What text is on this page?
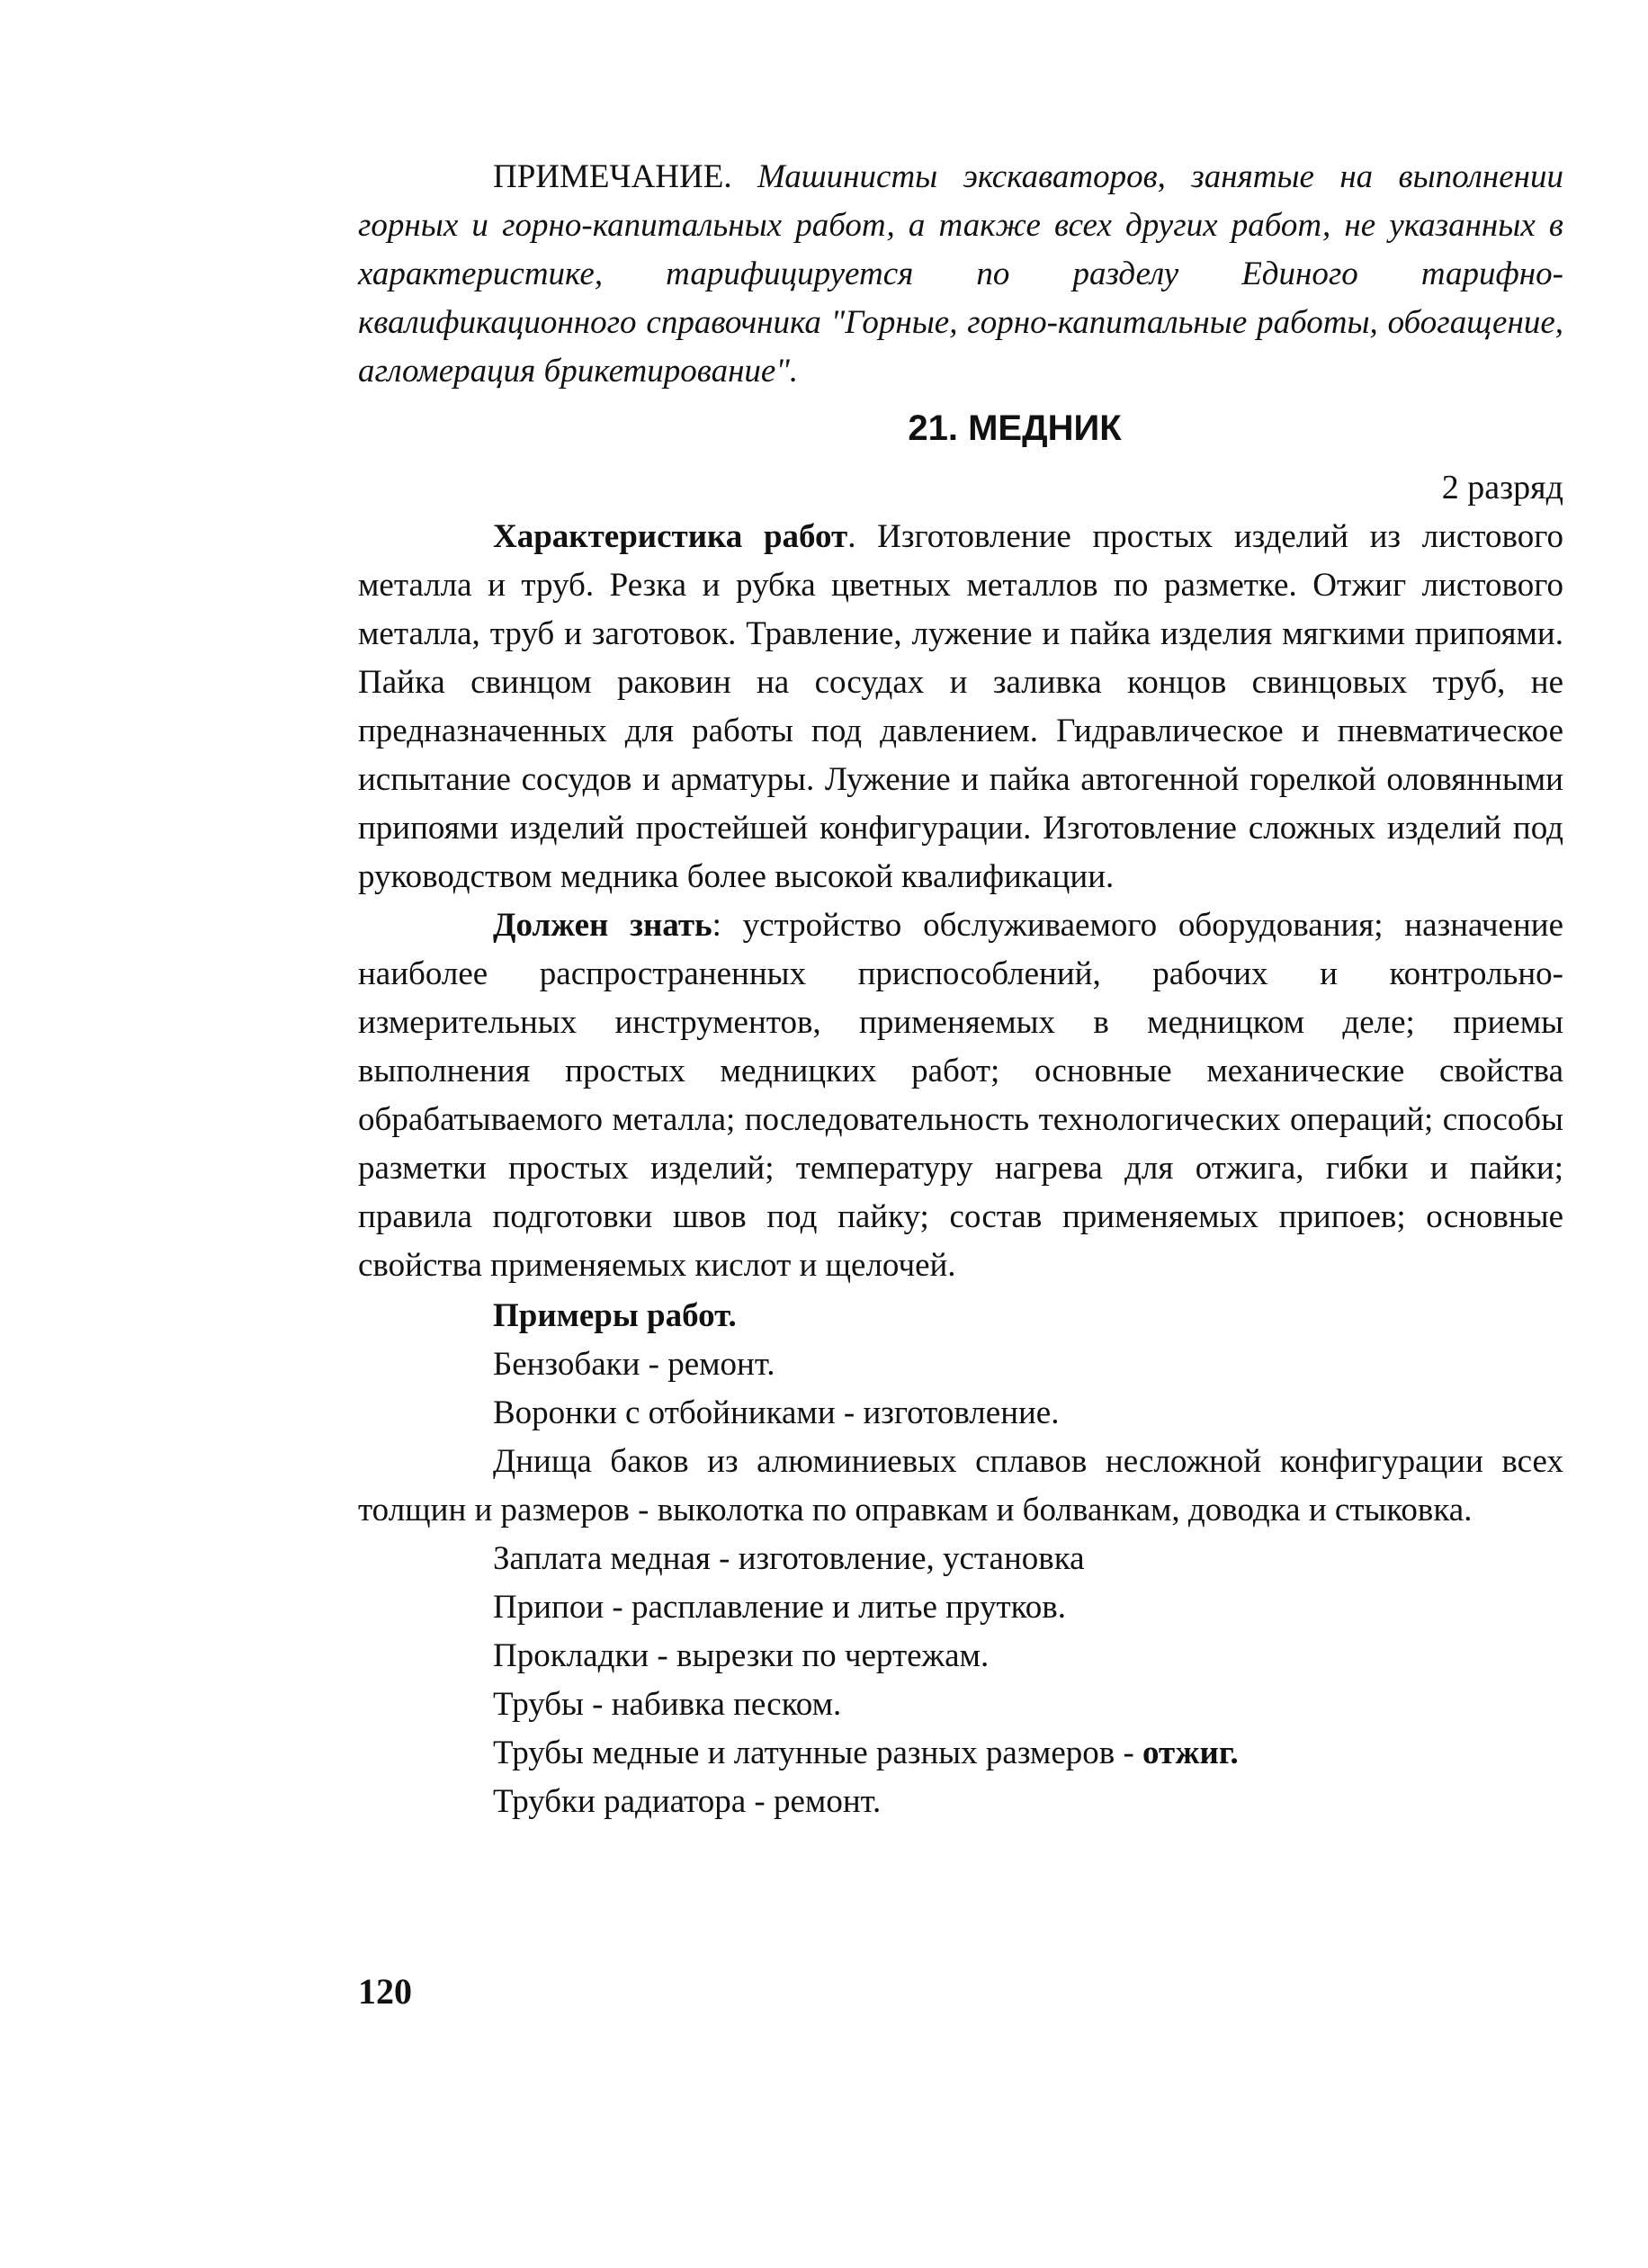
ПРИМЕЧАНИЕ. Машинисты экскаваторов, занятые на выполнении горных и горно-капитальных работ, а также всех других работ, не указанных в характеристике, тарифицируется по разделу Единого тарифно-квалификационного справочника "Горные, горно-капитальные работы, обогащение, агломерация брикетирование".

21. МЕДНИК
2 разряд

Характеристика работ. Изготовление простых изделий из листового металла и труб. Резка и рубка цветных металлов по разметке. Отжиг листового металла, труб и заготовок. Травление, лужение и пайка изделия мягкими припоями. Пайка свинцом раковин на сосудах и заливка концов свинцовых труб, не предназначенных для работы под давлением. Гидравлическое и пневматическое испытание сосудов и арматуры. Лужение и пайка автогенной горелкой оловянными припоями изделий простейшей конфигурации. Изготовление сложных изделий под руководством медника более высокой квалификации.

Должен знать: устройство обслуживаемого оборудования; назначение наиболее распространенных приспособлений, рабочих и контрольно-измерительных инструментов, применяемых в медницком деле; приемы выполнения простых медницких работ; основные механические свойства обрабатываемого металла; последовательность технологических операций; способы разметки простых изделий; температуру нагрева для отжига, гибки и пайки; правила подготовки швов под пайку; состав применяемых припоев; основные свойства применяемых кислот и щелочей.

Примеры работ.

Бензобаки - ремонт.

Воронки с отбойниками - изготовление.

Днища баков из алюминиевых сплавов несложной конфигурации всех толщин и размеров - выколотка по оправкам и болванкам, доводка и стыковка.

Заплата медная - изготовление, установка

Припои - расплавление и литье прутков.

Прокладки - вырезки по чертежам.

Трубы - набивка песком.

Трубы медные и латунные разных размеров - отжиг.

Трубки радиатора - ремонт.

120
